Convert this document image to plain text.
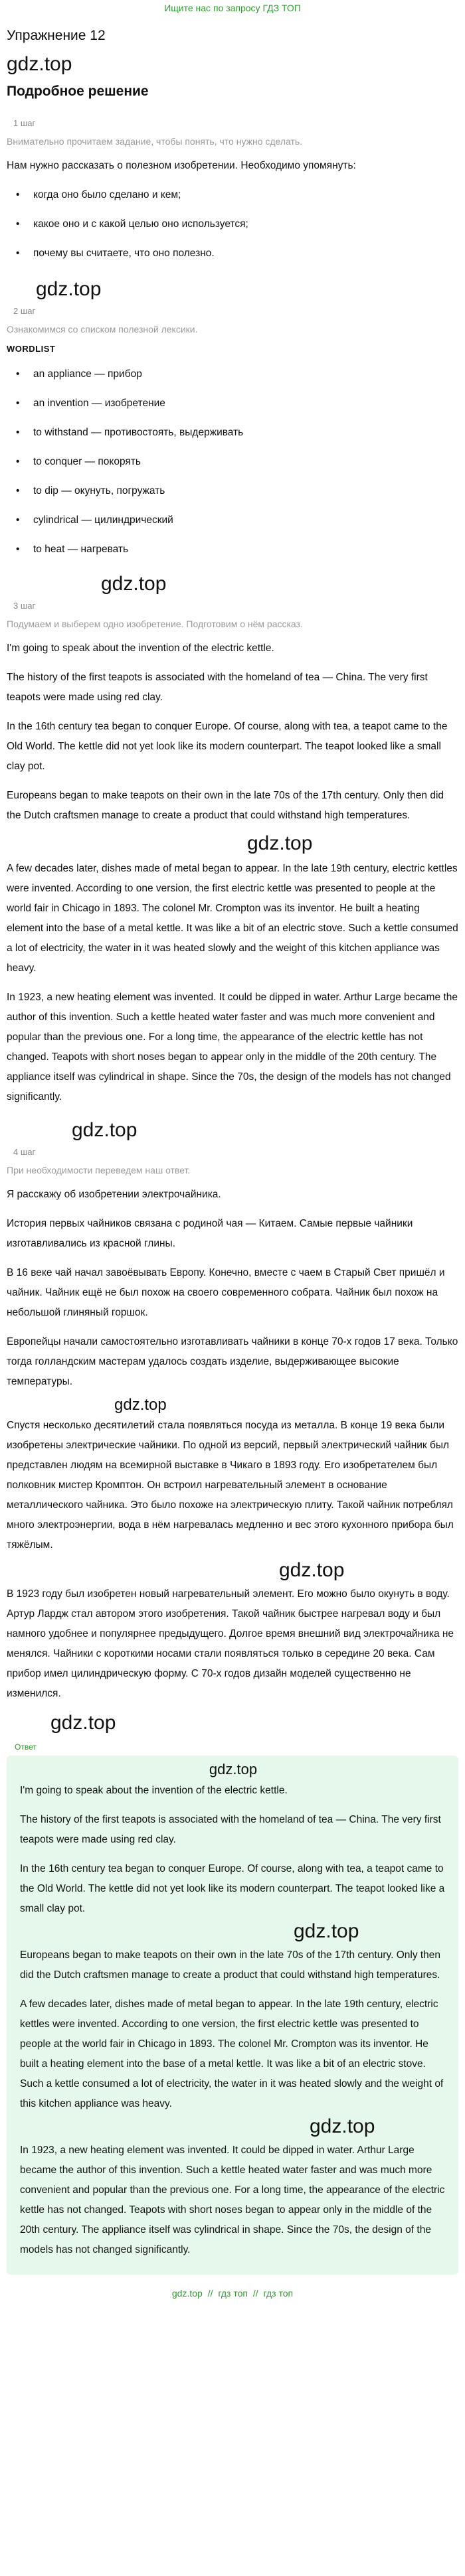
Ищите нас по запросу ГДЗ ТОП
Упражнение 12
gdz.top
Подробное решение
1 шаг
Внимательно прочитаем задание, чтобы понять, что нужно сделать.

Нам нужно рассказать о полезном изобретении. Необходимо упомянуть:

• когда оно было сделано и кем;
• какое оно и с какой целью оно используется;
• почему вы считаете, что оно полезно.
gdz.top
2 шаг
Ознакомимся со списком полезной лексики.
WORDLIST
• an appliance — прибор
• an invention — изобретение
• to withstand — противостоять, выдерживать
• to conquer — покорять
• to dip — окунуть, погружать
• cylindrical — цилиндрический
• to heat — нагревать
gdz.top
3 шаг
Подумаем и выберем одно изобретение. Подготовим о нём рассказ.

I'm going to speak about the invention of the electric kettle.

The history of the first teapots is associated with the homeland of tea — China. The very first teapots were made using red clay.

In the 16th century tea began to conquer Europe. Of course, along with tea, a teapot came to the Old World. The kettle did not yet look like its modern counterpart. The teapot looked like a small clay pot.

Europeans began to make teapots on their own in the late 70s of the 17th century. Only then did the Dutch craftsmen manage to create a product that could withstand high temperatures.

gdz.top

A few decades later, dishes made of metal began to appear. In the late 19th century, electric kettles were invented. According to one version, the first electric kettle was presented to people at the world fair in Chicago in 1893. The colonel Mr. Crompton was its inventor. He built a heating element into the base of a metal kettle. It was like a bit of an electric stove. Such a kettle consumed a lot of electricity, the water in it was heated slowly and the weight of this kitchen appliance was heavy.

In 1923, a new heating element was invented. It could be dipped in water. Arthur Large became the author of this invention. Such a kettle heated water faster and was much more convenient and popular than the previous one. For a long time, the appearance of the electric kettle has not changed. Teapots with short noses began to appear only in the middle of the 20th century. The appliance itself was cylindrical in shape. Since the 70s, the design of the models has not changed significantly.

gdz.top
4 шаг
При необходимости переведем наш ответ.

Я расскажу об изобретении электрочайника.

История первых чайников связана с родиной чая — Китаем. Самые первые чайники изготавливались из красной глины.

В 16 веке чай начал завоёвывать Европу. Конечно, вместе с чаем в Старый Свет пришёл и чайник. Чайник ещё не был похож на своего современного собрата. Чайник был похож на небольшой глиняный горшок.

Европейцы начали самостоятельно изготавливать чайники в конце 70-х годов 17 века. Только тогда голландским мастерам удалось создать изделие, выдерживающее высокие температуры.

gdz.top

Спустя несколько десятилетий стала появляться посуда из металла. В конце 19 века были изобретены электрические чайники. По одной из версий, первый электрический чайник был представлен людям на всемирной выставке в Чикаго в 1893 году. Его изобретателем был полковник мистер Кромптон. Он встроил нагревательный элемент в основание металлического чайника. Это было похоже на электрическую плиту. Такой чайник потреблял много электроэнергии, вода в нём нагревалась медленно и вес этого кухонного прибора был тяжёлым.

gdz.top

В 1923 году был изобретен новый нагревательный элемент. Его можно было окунуть в воду. Артур Лардж стал автором этого изобретения. Такой чайник быстрее нагревал воду и был намного удобнее и популярнее предыдущего. Долгое время внешний вид электрочайника не менялся. Чайники с короткими носами стали появляться только в середине 20 века. Сам прибор имел цилиндрическую форму. С 70-х годов дизайн моделей существенно не изменился.

gdz.top
Ответ
gdz.top

I'm going to speak about the invention of the electric kettle.

The history of the first teapots is associated with the homeland of tea — China. The very first teapots were made using red clay.

In the 16th century tea began to conquer Europe. Of course, along with tea, a teapot came to the Old World. The kettle did not yet look like its modern counterpart. The teapot looked like a small clay pot.

gdz.top

Europeans began to make teapots on their own in the late 70s of the 17th century. Only then did the Dutch craftsmen manage to create a product that could withstand high temperatures.

A few decades later, dishes made of metal began to appear. In the late 19th century, electric kettles were invented. According to one version, the first electric kettle was presented to people at the world fair in Chicago in 1893. The colonel Mr. Crompton was its inventor. He built a heating element into the base of a metal kettle. It was like a bit of an electric stove. Such a kettle consumed a lot of electricity, the water in it was heated slowly and the weight of this kitchen appliance was heavy.

gdz.top

In 1923, a new heating element was invented. It could be dipped in water. Arthur Large became the author of this invention. Such a kettle heated water faster and was much more convenient and popular than the previous one. For a long time, the appearance of the electric kettle has not changed. Teapots with short noses began to appear only in the middle of the 20th century. The appliance itself was cylindrical in shape. Since the 70s, the design of the models has not changed significantly.

gdz.top // гдз топ // гдз топ
